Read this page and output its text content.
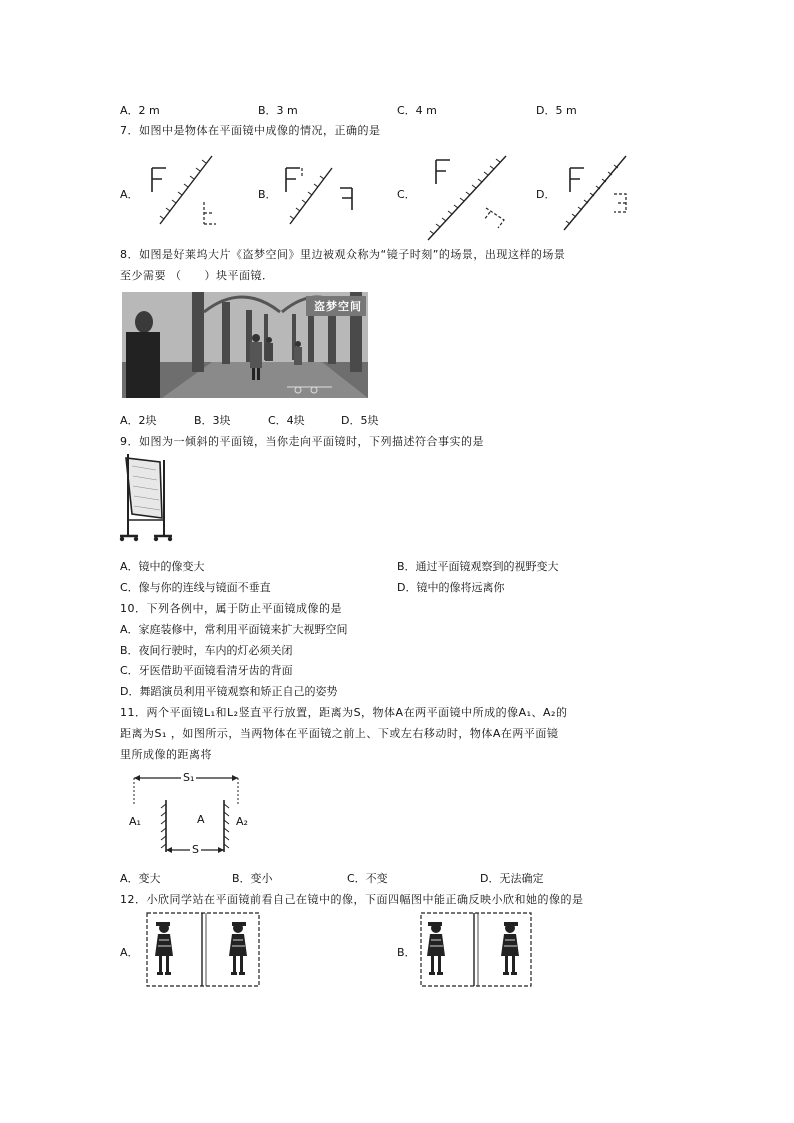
A．2 m	B．3 m	C．4 m	D．5 m
7．如图中是物体在平面镜中成像的情况，正确的是
A．	B．	C．	D．
8．如图是好莱坞大片《盗梦空间》里边被观众称为“镜子时刻”的场景，出现这样的场景
至少需要 （　　）块平面镜．
盗梦空间
A．2块	B．3块	C．4块	D．5块
9．如图为一倾斜的平面镜，当你走向平面镜时，下列描述符合事实的是
A．镜中的像变大	B．通过平面镜观察到的视野变大
C．像与你的连线与镜面不垂直	D．镜中的像将远离你
10．下列各例中，属于防止平面镜成像的是
A．家庭装修中，常利用平面镜来扩大视野空间
B．夜间行驶时，车内的灯必须关闭
C．牙医借助平面镜看清牙齿的背面
D．舞蹈演员利用平镜观察和矫正自己的姿势
11．两个平面镜L₁和L₂竖直平行放置，距离为S，物体A在两平面镜中所成的像A₁、A₂的
距离为S₁ ，如图所示，当两物体在平面镜之前上、下或左右移动时，物体A在两平面镜
里所成像的距离将
S₁
A₁	A	A₂
S
A．变大	B．变小	C．不变	D．无法确定
12．小欣同学站在平面镜前看自己在镜中的像，下面四幅图中能正确反映小欣和她的像的是
A．	B．
